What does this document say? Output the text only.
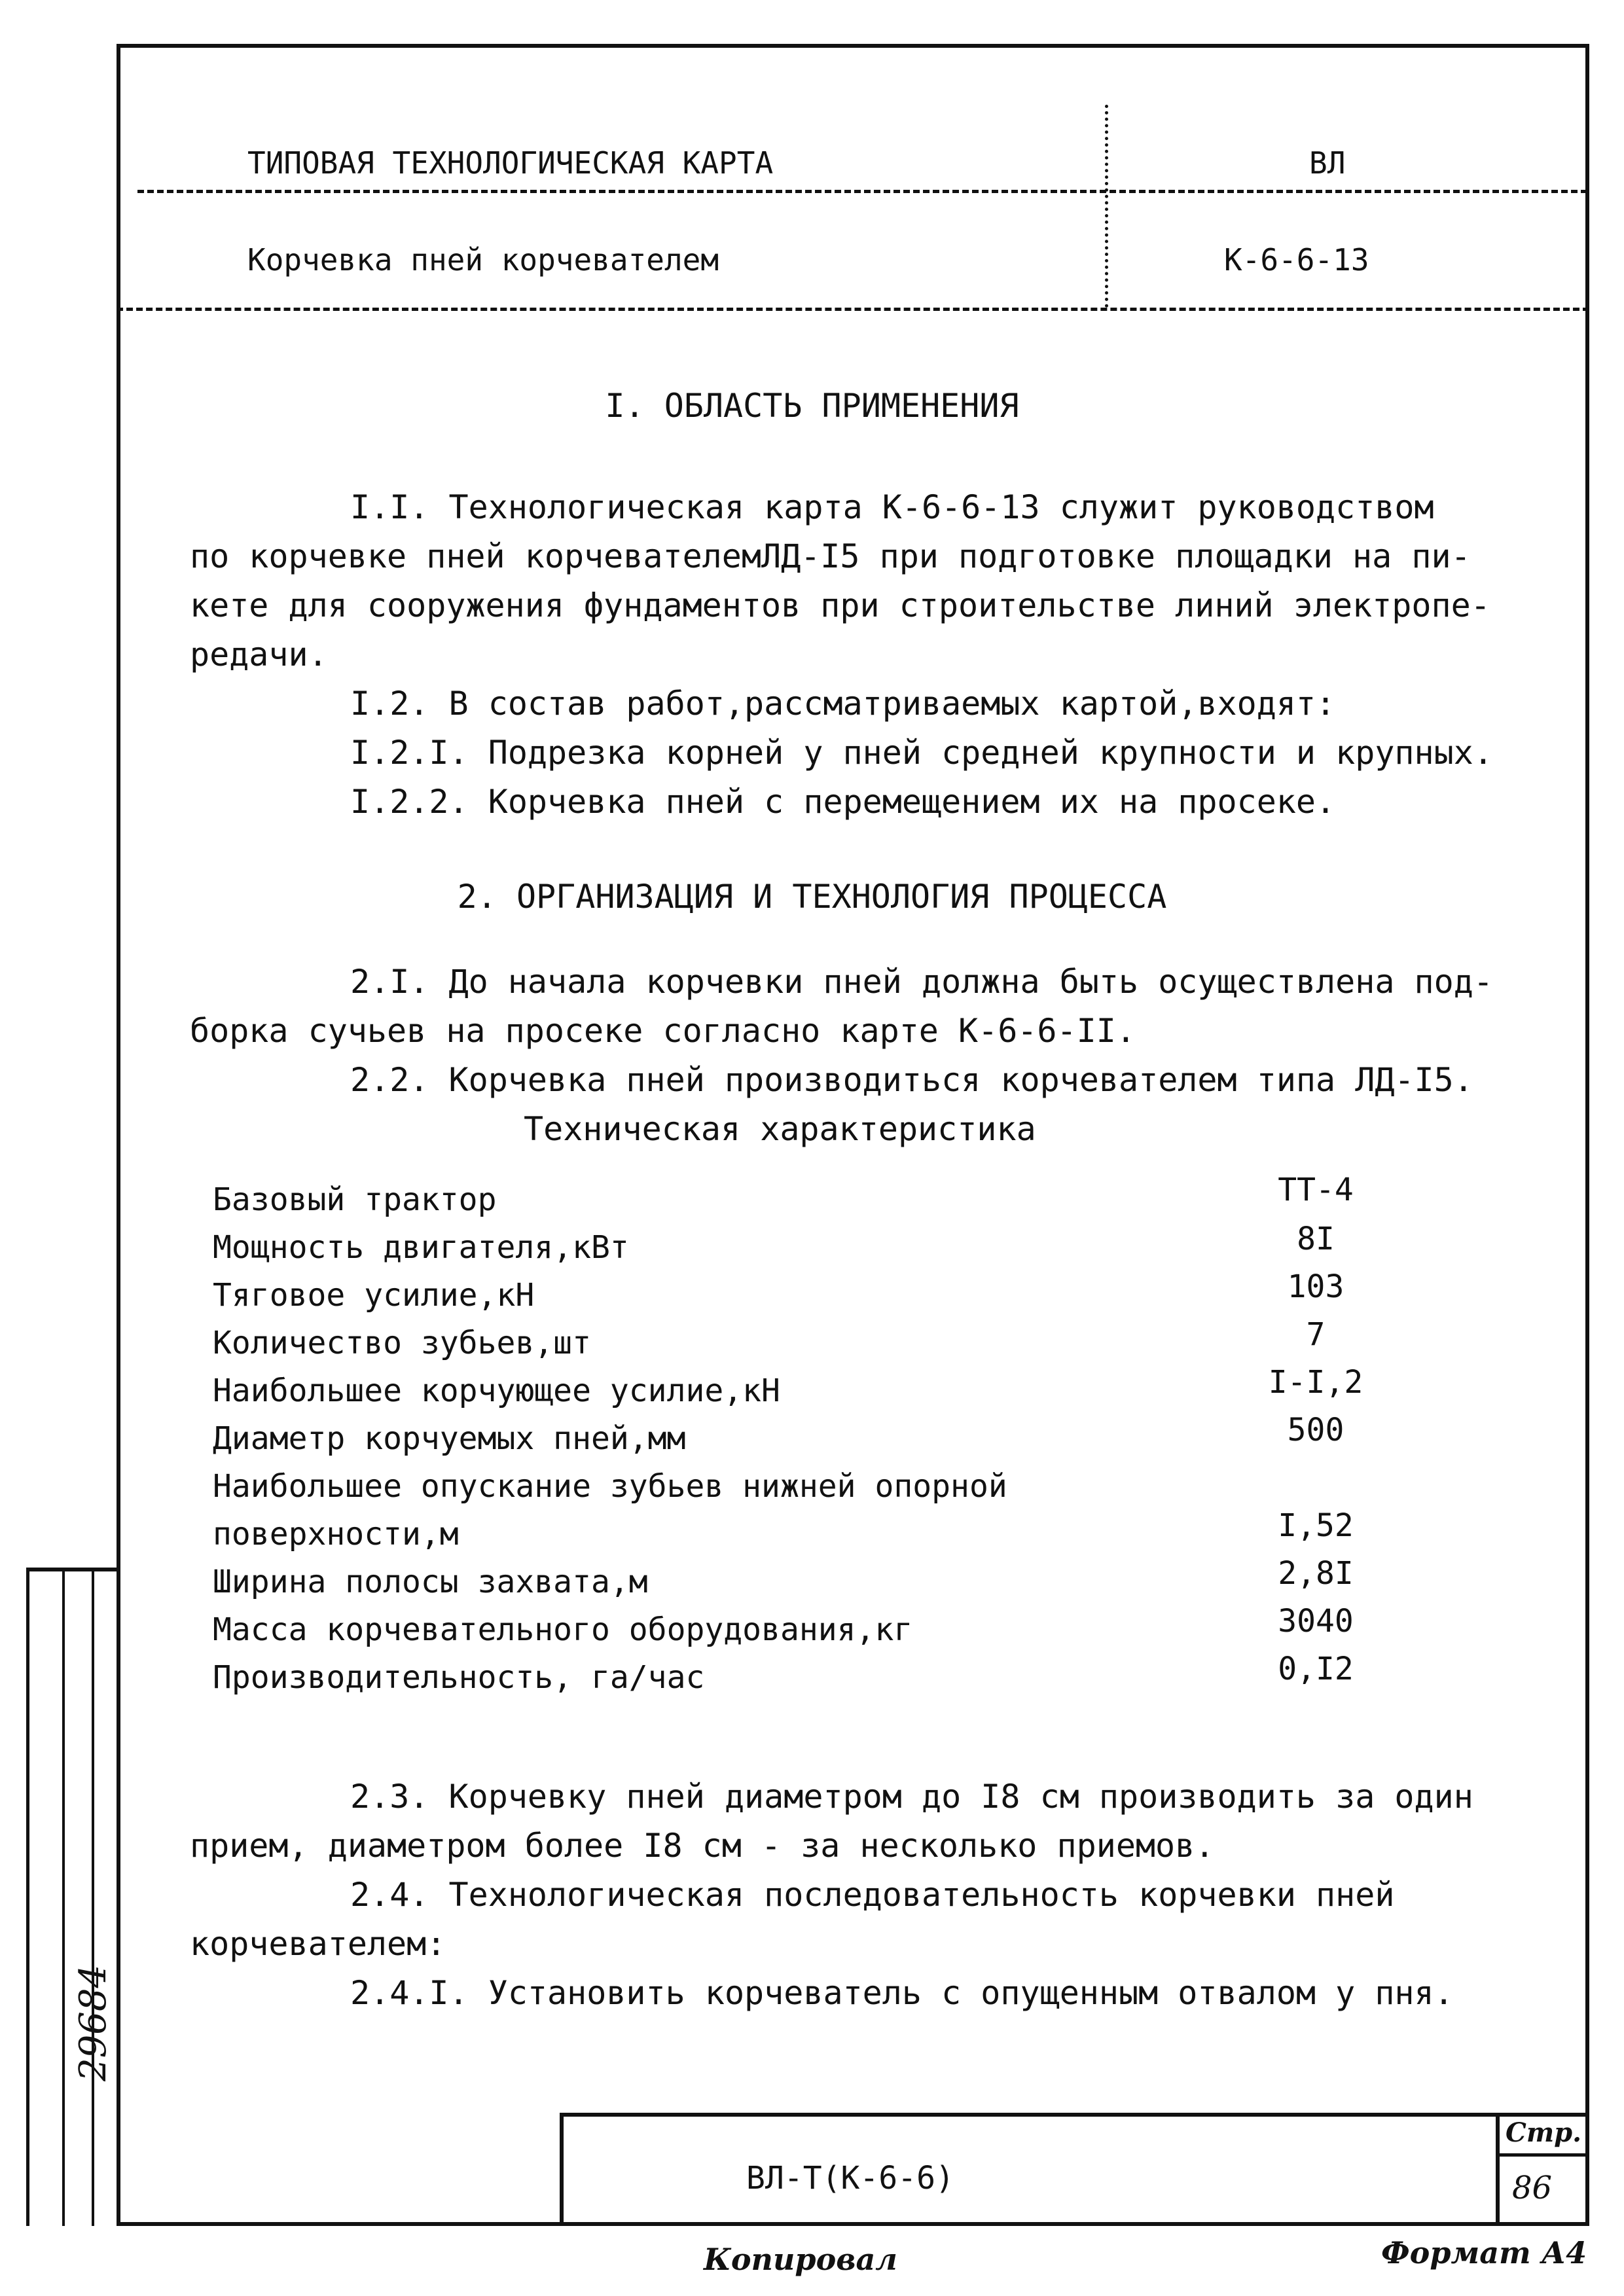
ТИПОВАЯ ТЕХНОЛОГИЧЕСКАЯ КАРТА	ВЛ
Корчевка пней корчевателем	К-6-6-13
I. ОБЛАСТЬ ПРИМЕНЕНИЯ
I.I. Технологическая карта К-6-6-13 служит руководством
по корчевке пней корчевателемЛД-I5 при подготовке площадки на пи-
кете для сооружения фундаментов при строительстве линий электропе-
редачи.
I.2. В состав работ,рассматриваемых картой,входят:
I.2.I. Подрезка корней у пней средней крупности и крупных.
I.2.2. Корчевка пней с перемещением их на просеке.
2. ОРГАНИЗАЦИЯ И ТЕХНОЛОГИЯ ПРОЦЕССА
2.I. До начала корчевки пней должна быть осуществлена под-
борка сучьев на просеке согласно карте К-6-6-II.
2.2. Корчевка пней производиться корчевателем типа ЛД-I5.
Техническая характеристика
Базовый трактор	ТТ-4
Мощность двигателя,кВт	8I
Тяговое усилие,кН	103
Количество зубьев,шт	7
Наибольшее корчующее усилие,кН	I-I,2
Диаметр корчуемых пней,мм	500
Наибольшее опускание зубьев нижней опорной
поверхности,м	I,52
Ширина полосы захвата,м	2,8I
Масса корчевательного оборудования,кг	3040
Производительность, га/час	0,I2
2.3. Корчевку пней диаметром до I8 см производить за один
прием, диаметром более I8 см - за несколько приемов.
2.4. Технологическая последовательность корчевки пней
корчевателем:
2.4.I. Установить корчеватель с опущенным отвалом у пня.
ВЛ-Т(К-6-6)
Стр.
86
29684
Копировал	Формат А4
